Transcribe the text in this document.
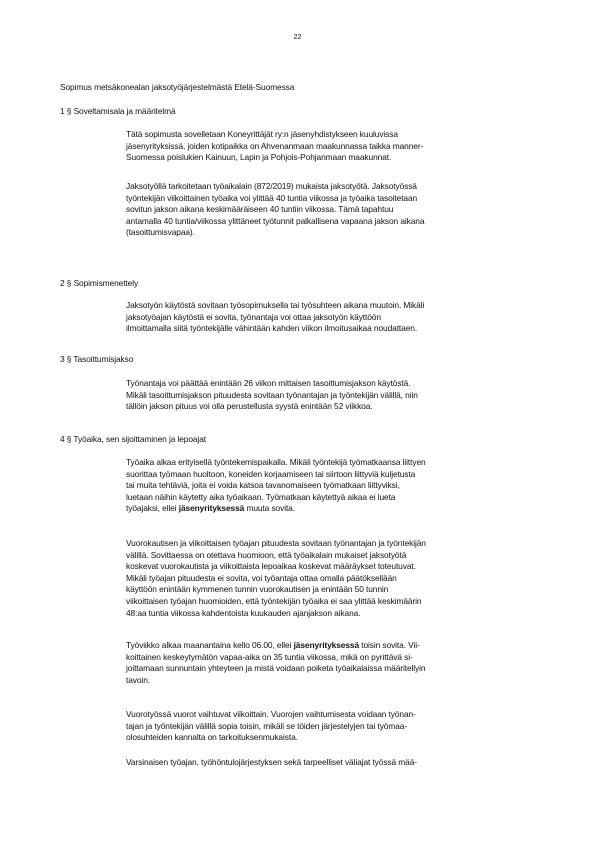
22
Sopimus metsäkonealan jaksotyöjärjestelmästä Etelä-Suomessa
1 § Soveltamisala ja määritelmä
Tätä sopimusta sovelletaan Koneyrittäjät ry:n jäsenyhdistykseen kuuluvissa
jäsenyrityksissä, joiden kotipaikka on Ahvenanmaan maakunnassa taikka manner-
Suomessa poislukien Kainuun, Lapin ja Pohjois-Pohjanmaan maakunnat.
Jaksotyöllä tarkoitetaan työaikalain (872/2019) mukaista jaksotyötä. Jaksotyössä
työntekijän viikoittainen työaika voi ylittää 40 tuntia viikossa ja työaika tasoitetaan
sovitun jakson aikana keskimääräiseen 40 tuntiin viikossa. Tämä tapahtuu
antamalla 40 tuntia/viikossa ylittäneet työtunnit palkallisena vapaana jakson aikana
(tasoittumisvapaa).
2 § Sopimismenettely
Jaksotyön käytöstä sovitaan työsopimuksella tai työsuhteen aikana muutoin. Mikäli
jaksotyöajan käytöstä ei sovita, työnantaja voi ottaa jaksotyön käyttöön
ilmoittamalla siitä työntekijälle vähintään kahden viikon ilmoitusaikaa noudattaen.
3 § Tasoittumisjakso
Työnantaja voi päättää enintään 26 viikon mittaisen tasoittumisjakson käytöstä.
Mikäli tasoittumisjakson pituudesta sovitaan työnantajan ja työntekijän välillä, niin
tällöin jakson pituus voi olla perustellusta syystä enintään 52 viikkoa.
4 § Työaika, sen sijoittaminen ja lepoajat
Työaika alkaa erityisellä työntekemispaikalla. Mikäli työntekijä työmatkaansa liittyen
suorittaa työmaan huoltoon, koneiden korjaamiseen tai siirtoon liittyviä kuljetusta
tai muita tehtäviä, joita ei voida katsoa tavanomaiseen työmatkaan liittyviksi,
luetaan näihin käytetty aika työaikaan. Työmatkaan käytettyä aikaa ei lueta
työajaksi, ellei jäsenyrityksessä muuta sovita.
Vuorokautisen ja viikoittaisen työajan pituudesta sovitaan työnantajan ja työntekijän
välillä. Sovittaessa on otettava huomioon, että työaikalain mukaiset jaksotyötä
koskevat vuorokautista ja viikoittaista lepoaikaa koskevat määräykset toteutuvat.
Mikäli työajan pituudesta ei sovita, voi työantaja ottaa omalla päätöksellään
käyttöön enintään kymmenen tunnin vuorokautisen ja enintään 50 tunnin
viikoittaisen työajan huomioiden, että työntekijän työaika ei saa ylittää keskimäärin
48:aa tuntia viikossa kahdentoista kuukauden ajanjakson aikana.
Työviikko alkaa maanantaina kello 06.00, ellei jäsenyrityksessä toisin sovita. Vii-
koittainen keskeytymätön vapaa-aika on 35 tuntia viikossa, mikä on pyrittävä si-
joittamaan sunnuntain yhteyteen ja mistä voidaan poiketa työaikalaissa määritellyin
tavoin.
Vuorotyössä vuorot vaihtuvat viikoittain. Vuorojen vaihtumisesta voidaan työnan-
tajan ja työntekijän välillä sopia toisin, mikäli se töiden järjestelyjen tai työmaa-
olosuhteiden kannalta on tarkoituksenmukaista.
Varsinaisen työajan, työhöntulojärjestyksen sekä tarpeelliset väliajat työssä mää-
